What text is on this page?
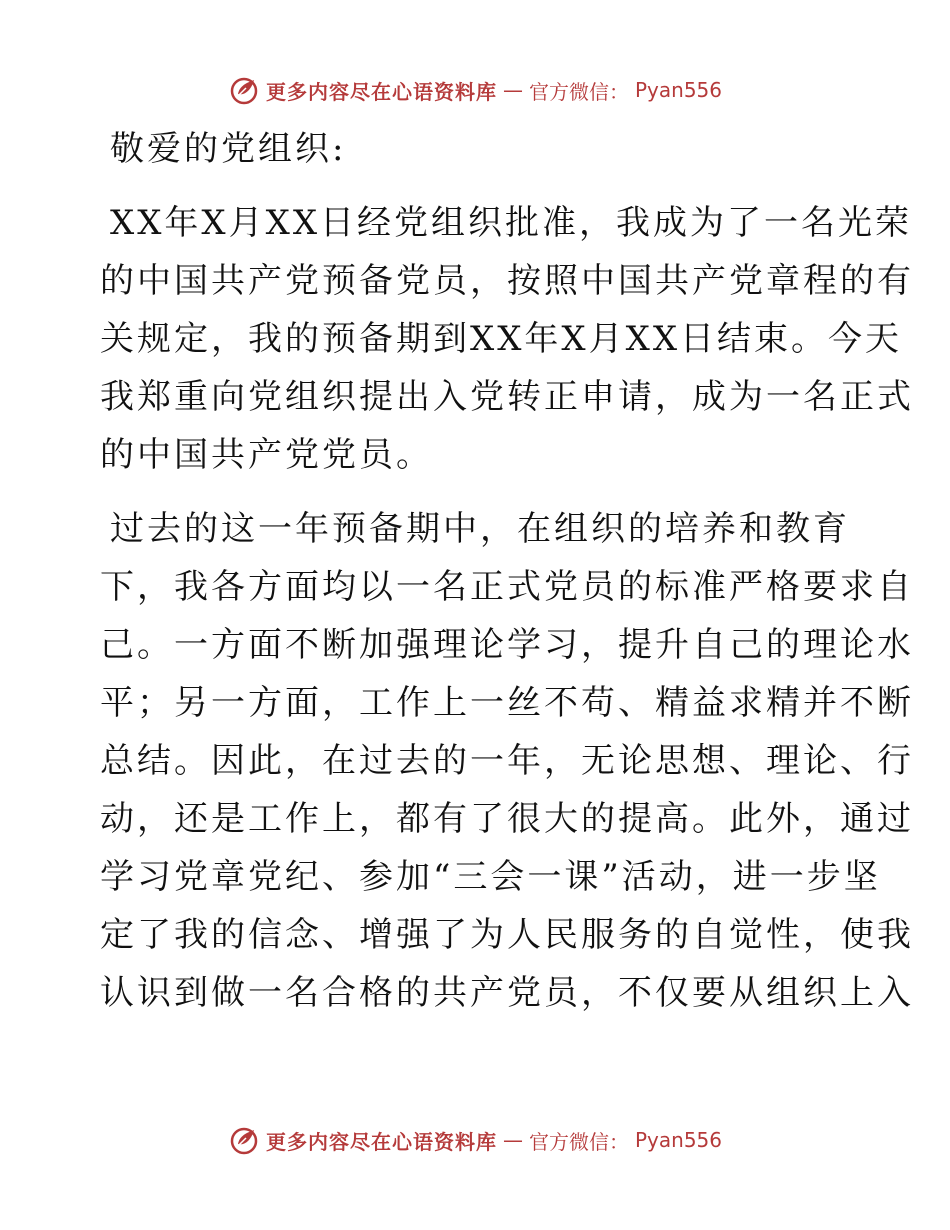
更多内容尽在心语资料库 — 官方微信： Pyan556
敬爱的党组织:
XX年X月XX日经党组织批准，我成为了一名光荣
的中国共产党预备党员，按照中国共产党章程的有
关规定，我的预备期到XX年X月XX日结束。今天
我郑重向党组织提出入党转正申请，成为一名正式
的中国共产党党员。
过去的这一年预备期中，在组织的培养和教育
下，我各方面均以一名正式党员的标准严格要求自
己。一方面不断加强理论学习，提升自己的理论水
平；另一方面，工作上一丝不苟、精益求精并不断
总结。因此，在过去的一年，无论思想、理论、行
动，还是工作上，都有了很大的提高。此外，通过
学习党章党纪、参加“三会一课”活动，进一步坚
定了我的信念、增强了为人民服务的自觉性，使我
认识到做一名合格的共产党员，不仅要从组织上入
更多内容尽在心语资料库 — 官方微信： Pyan556
